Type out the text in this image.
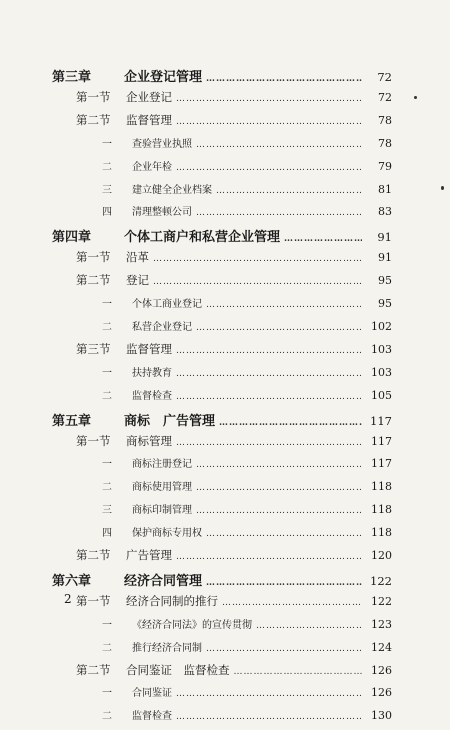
第三章	企业登记管理 ……………………………………………………………………………	72
第一节	企业登记 ……………………………………………………………………………	72
第二节	监督管理 ……………………………………………………………………………	78
一	查验营业执照 ……………………………………………………………………………	78
二	企业年检 ……………………………………………………………………………	79
三	建立健全企业档案 ……………………………………………………………………………	81
四	清理整顿公司 ……………………………………………………………………………	83
第四章	个体工商户和私营企业管理 ……………………………………………………………………………	91
第一节	沿革 ……………………………………………………………………………	91
第二节	登记 ……………………………………………………………………………	95
一	个体工商业登记 ……………………………………………………………………………	95
二	私营企业登记 ……………………………………………………………………………	102
第三节	监督管理 ……………………………………………………………………………	103
一	扶持教育 ……………………………………………………………………………	103
二	监督检查 ……………………………………………………………………………	105
第五章	商标　广告管理 ……………………………………………………………………………	117
第一节	商标管理 ……………………………………………………………………………	117
一	商标注册登记 ……………………………………………………………………………	117
二	商标使用管理 ……………………………………………………………………………	118
三	商标印制管理 ……………………………………………………………………………	118
四	保护商标专用权 ……………………………………………………………………………	118
第二节	广告管理 ……………………………………………………………………………	120
第六章	经济合同管理 ……………………………………………………………………………	122
第一节	经济合同制的推行 ……………………………………………………………………………	122
一	《经济合同法》的宣传贯彻 ……………………………………………………………………………	123
二	推行经济合同制 ……………………………………………………………………………	124
第二节	合同鉴证　监督检查 ……………………………………………………………………………	126
一	合同鉴证 ……………………………………………………………………………	126
二	监督检查 ……………………………………………………………………………	130
2
